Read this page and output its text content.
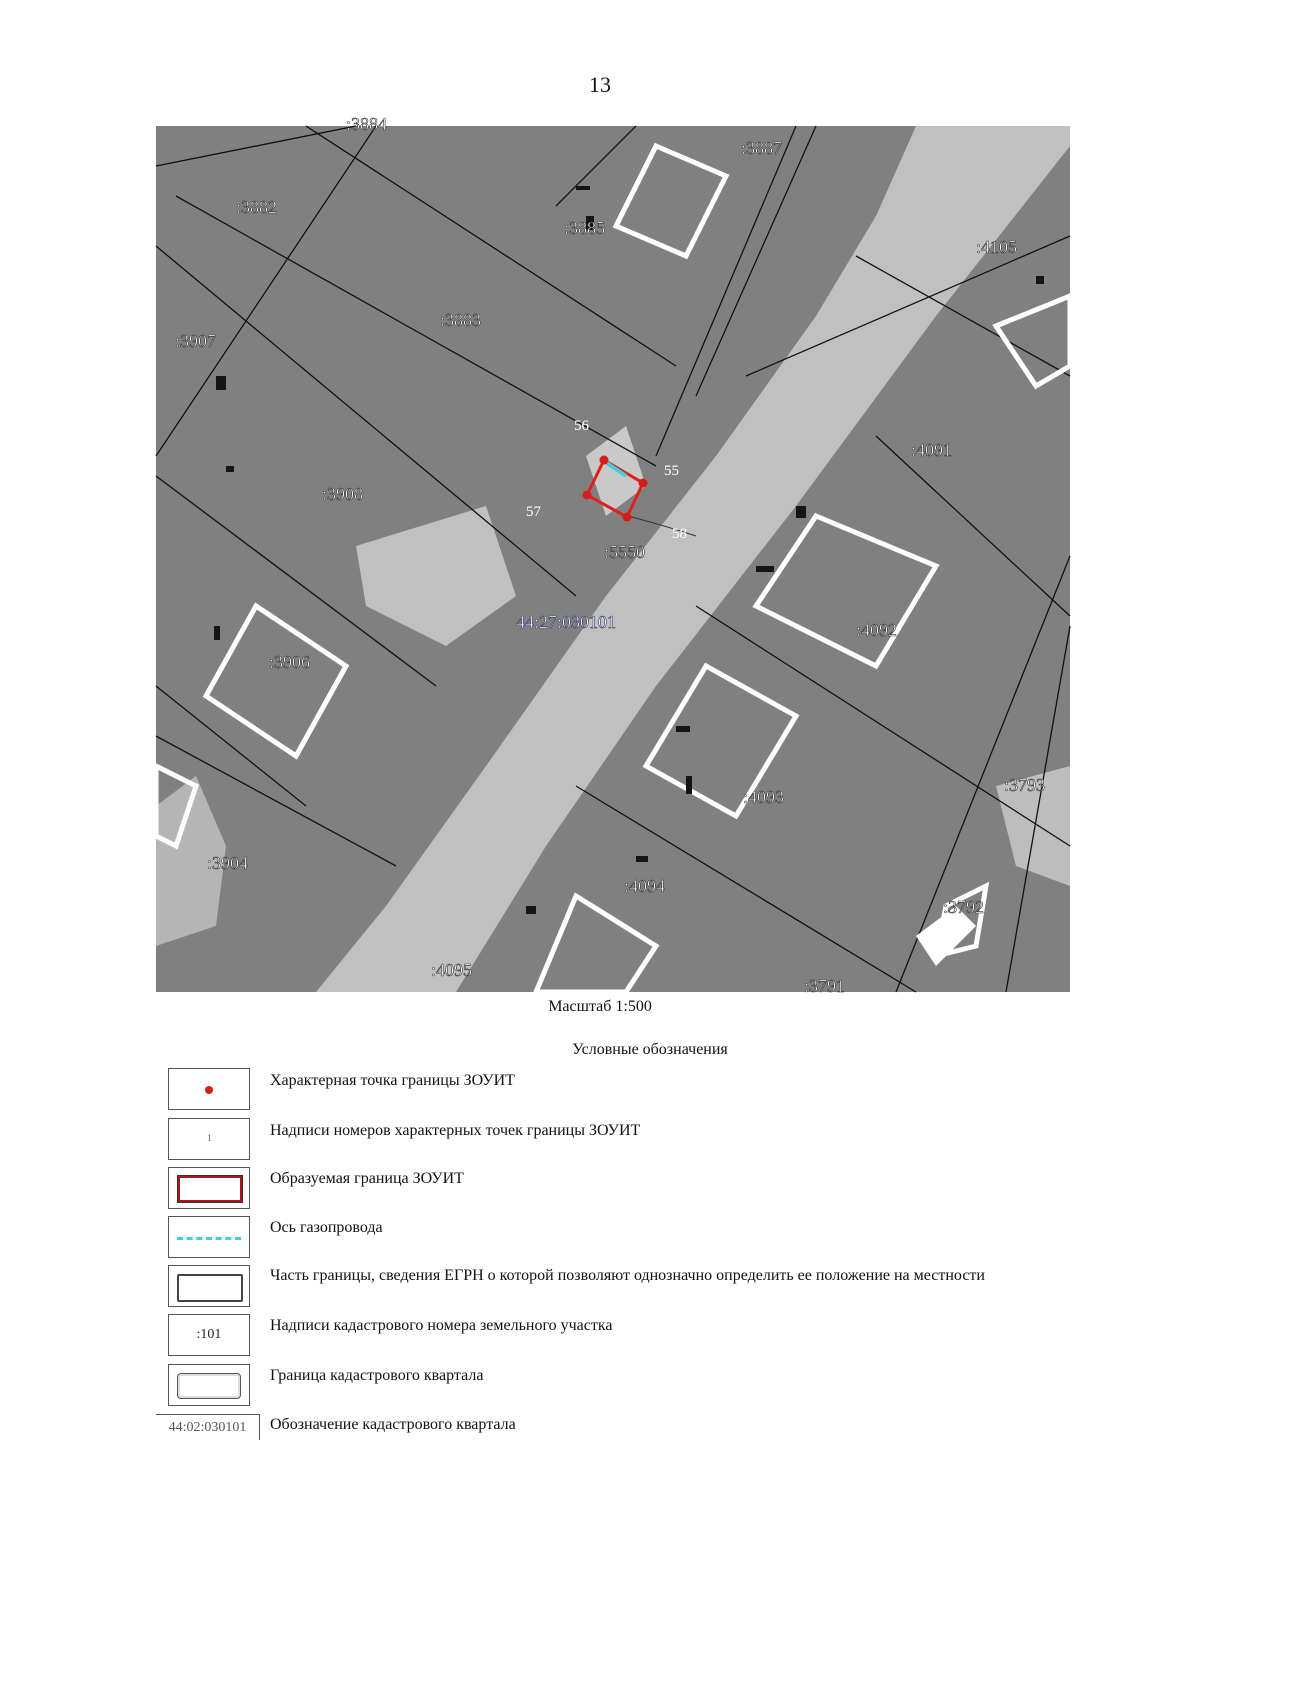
13
56
55
57
58
:3884
:3887
:3882
:3885
:4105
:3883
:3907
:4091
:3908
:5550
:4092
:3906
:4093
:3793
:3904
:4094
:3792
:4095
:3791
44:27:030101
Масштаб 1:500
Условные обозначения
Характерная точка границы ЗОУИТ
1	Надписи номеров характерных точек границы ЗОУИТ
Образуемая граница ЗОУИТ
Ось газопровода
Часть границы, сведения ЕГРН о которой позволяют однозначно определить ее положение на местности
:101
Надписи кадастрового номера земельного участка
Граница кадастрового квартала
44:02:030101	Обозначение кадастрового квартала
